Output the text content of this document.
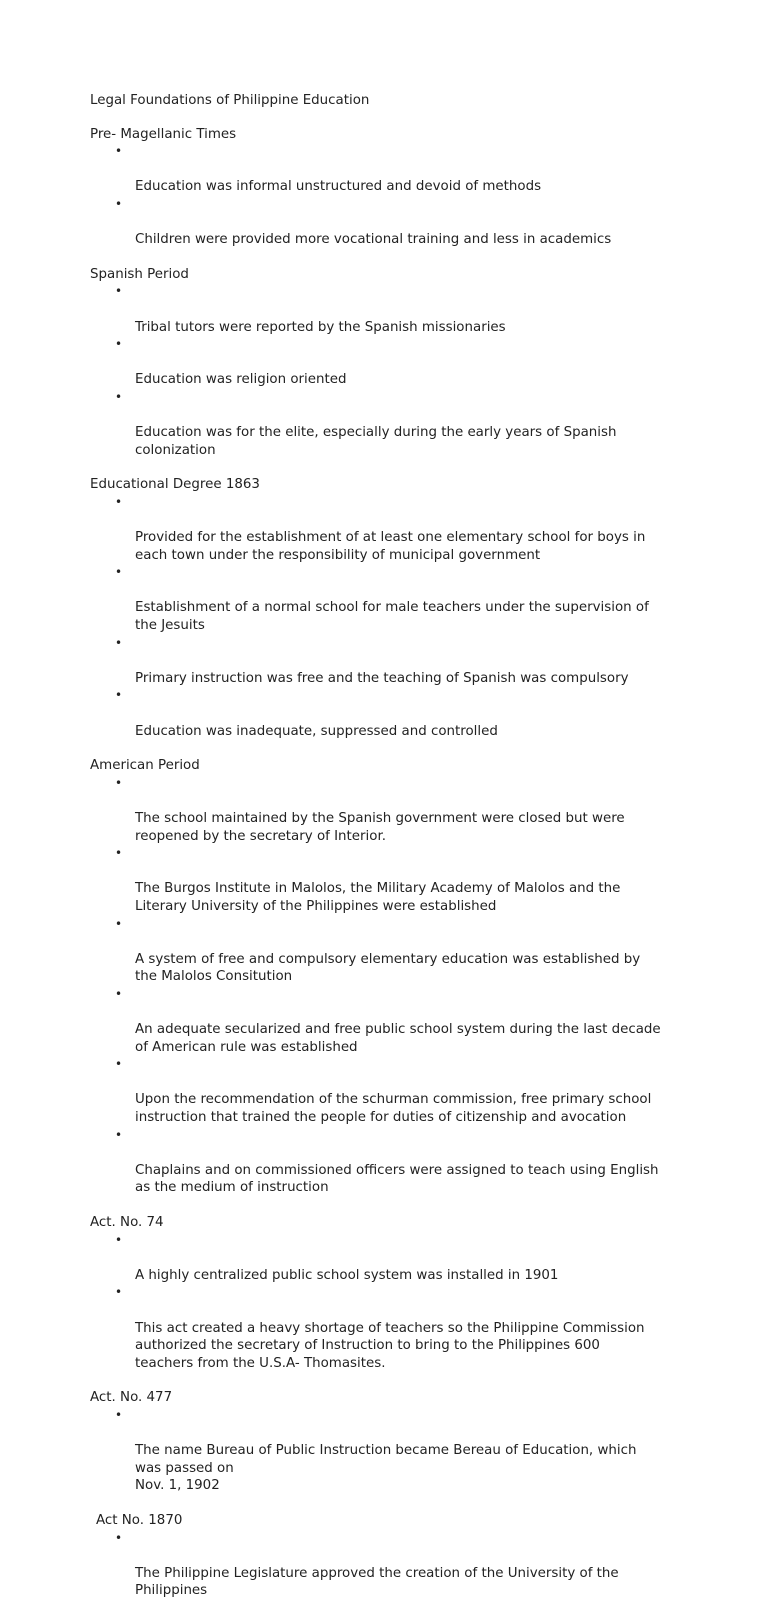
Legal Foundations of Philippine Education
Pre- Magellanic Times

•

Education was informal unstructured and devoid of methods

•

Children were provided more vocational training and less in academics

Spanish Period

•

Tribal tutors were reported by the Spanish missionaries

•

Education was religion oriented

•

Education was for the elite, especially during the early years of Spanish
colonization

Educational Degree 1863

•

Provided for the establishment of at least one elementary school for boys in
each town under the responsibility of municipal government

•

Establishment of a normal school for male teachers under the supervision of
the Jesuits

•

Primary instruction was free and the teaching of Spanish was compulsory

•

Education was inadequate, suppressed and controlled

American Period

•

The school maintained by the Spanish government were closed but were
reopened by the secretary of Interior.

•

The Burgos Institute in Malolos, the Military Academy of Malolos and the
Literary University of the Philippines were established

•

A system of free and compulsory elementary education was established by
the Malolos Consitution

•

An adequate secularized and free public school system during the last decade
of American rule was established

•

Upon the recommendation of the schurman commission, free primary school
instruction that trained the people for duties of citizenship and avocation

•

Chaplains and on commissioned officers were assigned to teach using English
as the medium of instruction

Act. No. 74

•

A highly centralized public school system was installed in 1901

•

This act created a heavy shortage of teachers so the Philippine Commission
authorized the secretary of Instruction to bring to the Philippines 600
teachers from the U.S.A- Thomasites.

Act. No. 477

•

The name Bureau of Public Instruction became Bereau of Education, which
was passed on
Nov. 1, 1902

Act No. 1870

•

The Philippine Legislature approved the creation of the University of the
Philippines
